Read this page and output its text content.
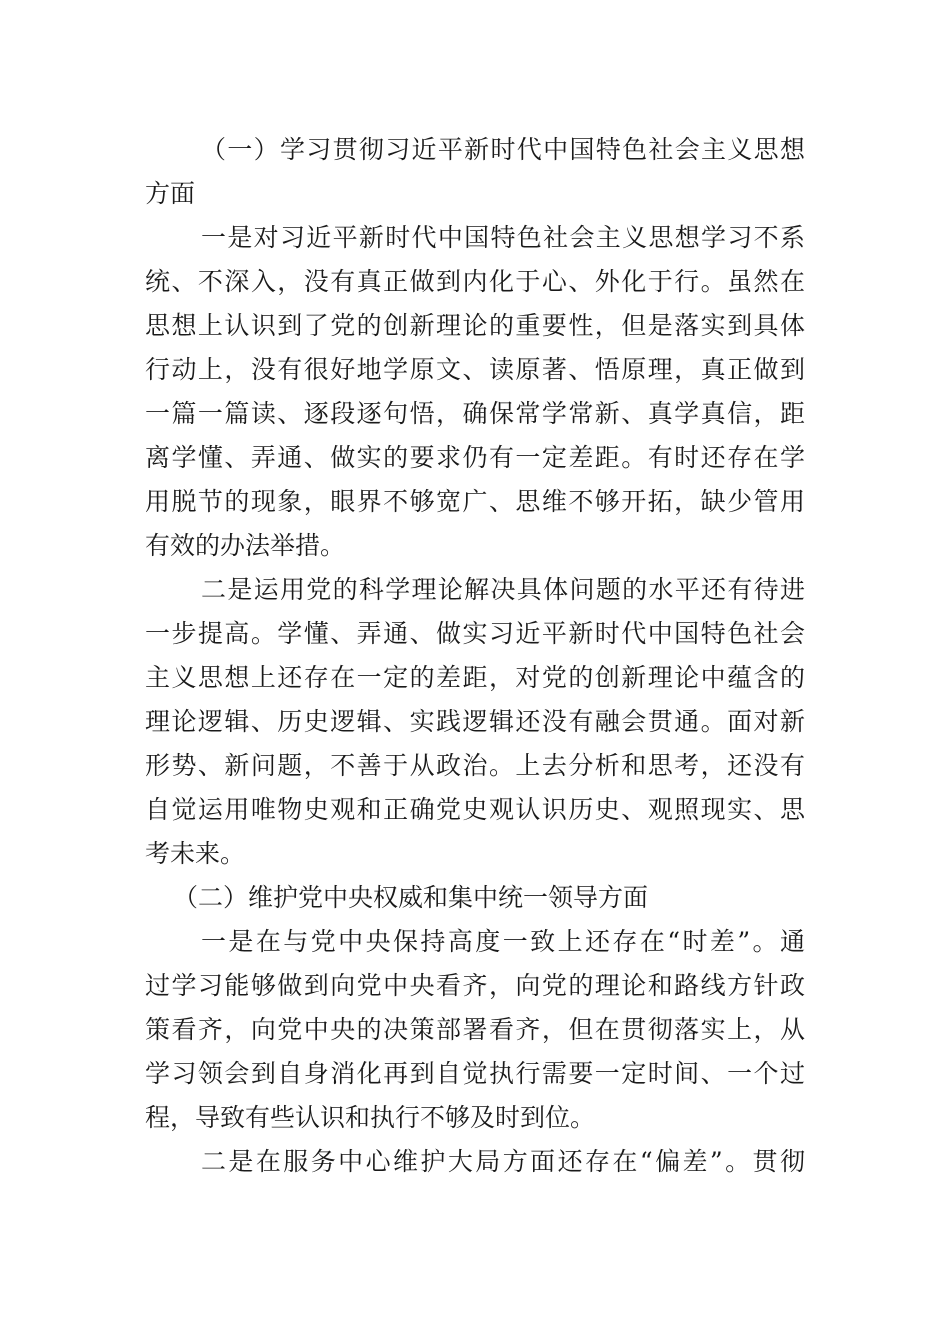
（一）学习贯彻习近平新时代中国特色社会主义思想
方面
一是对习近平新时代中国特色社会主义思想学习不系
统、不深入，没有真正做到内化于心、外化于行。虽然在
思想上认识到了党的创新理论的重要性，但是落实到具体
行动上，没有很好地学原文、读原著、悟原理，真正做到
一篇一篇读、逐段逐句悟，确保常学常新、真学真信，距
离学懂、弄通、做实的要求仍有一定差距。有时还存在学
用脱节的现象，眼界不够宽广、思维不够开拓，缺少管用
有效的办法举措。
二是运用党的科学理论解决具体问题的水平还有待进
一步提高。学懂、弄通、做实习近平新时代中国特色社会
主义思想上还存在一定的差距，对党的创新理论中蕴含的
理论逻辑、历史逻辑、实践逻辑还没有融会贯通。面对新
形势、新问题，不善于从政治。上去分析和思考，还没有
自觉运用唯物史观和正确党史观认识历史、观照现实、思
考未来。
（二）维护党中央权威和集中统一领导方面
一是在与党中央保持高度一致上还存在“时差”。通
过学习能够做到向党中央看齐，向党的理论和路线方针政
策看齐，向党中央的决策部署看齐，但在贯彻落实上，从
学习领会到自身消化再到自觉执行需要一定时间、一个过
程，导致有些认识和执行不够及时到位。
二是在服务中心维护大局方面还存在“偏差”。贯彻
